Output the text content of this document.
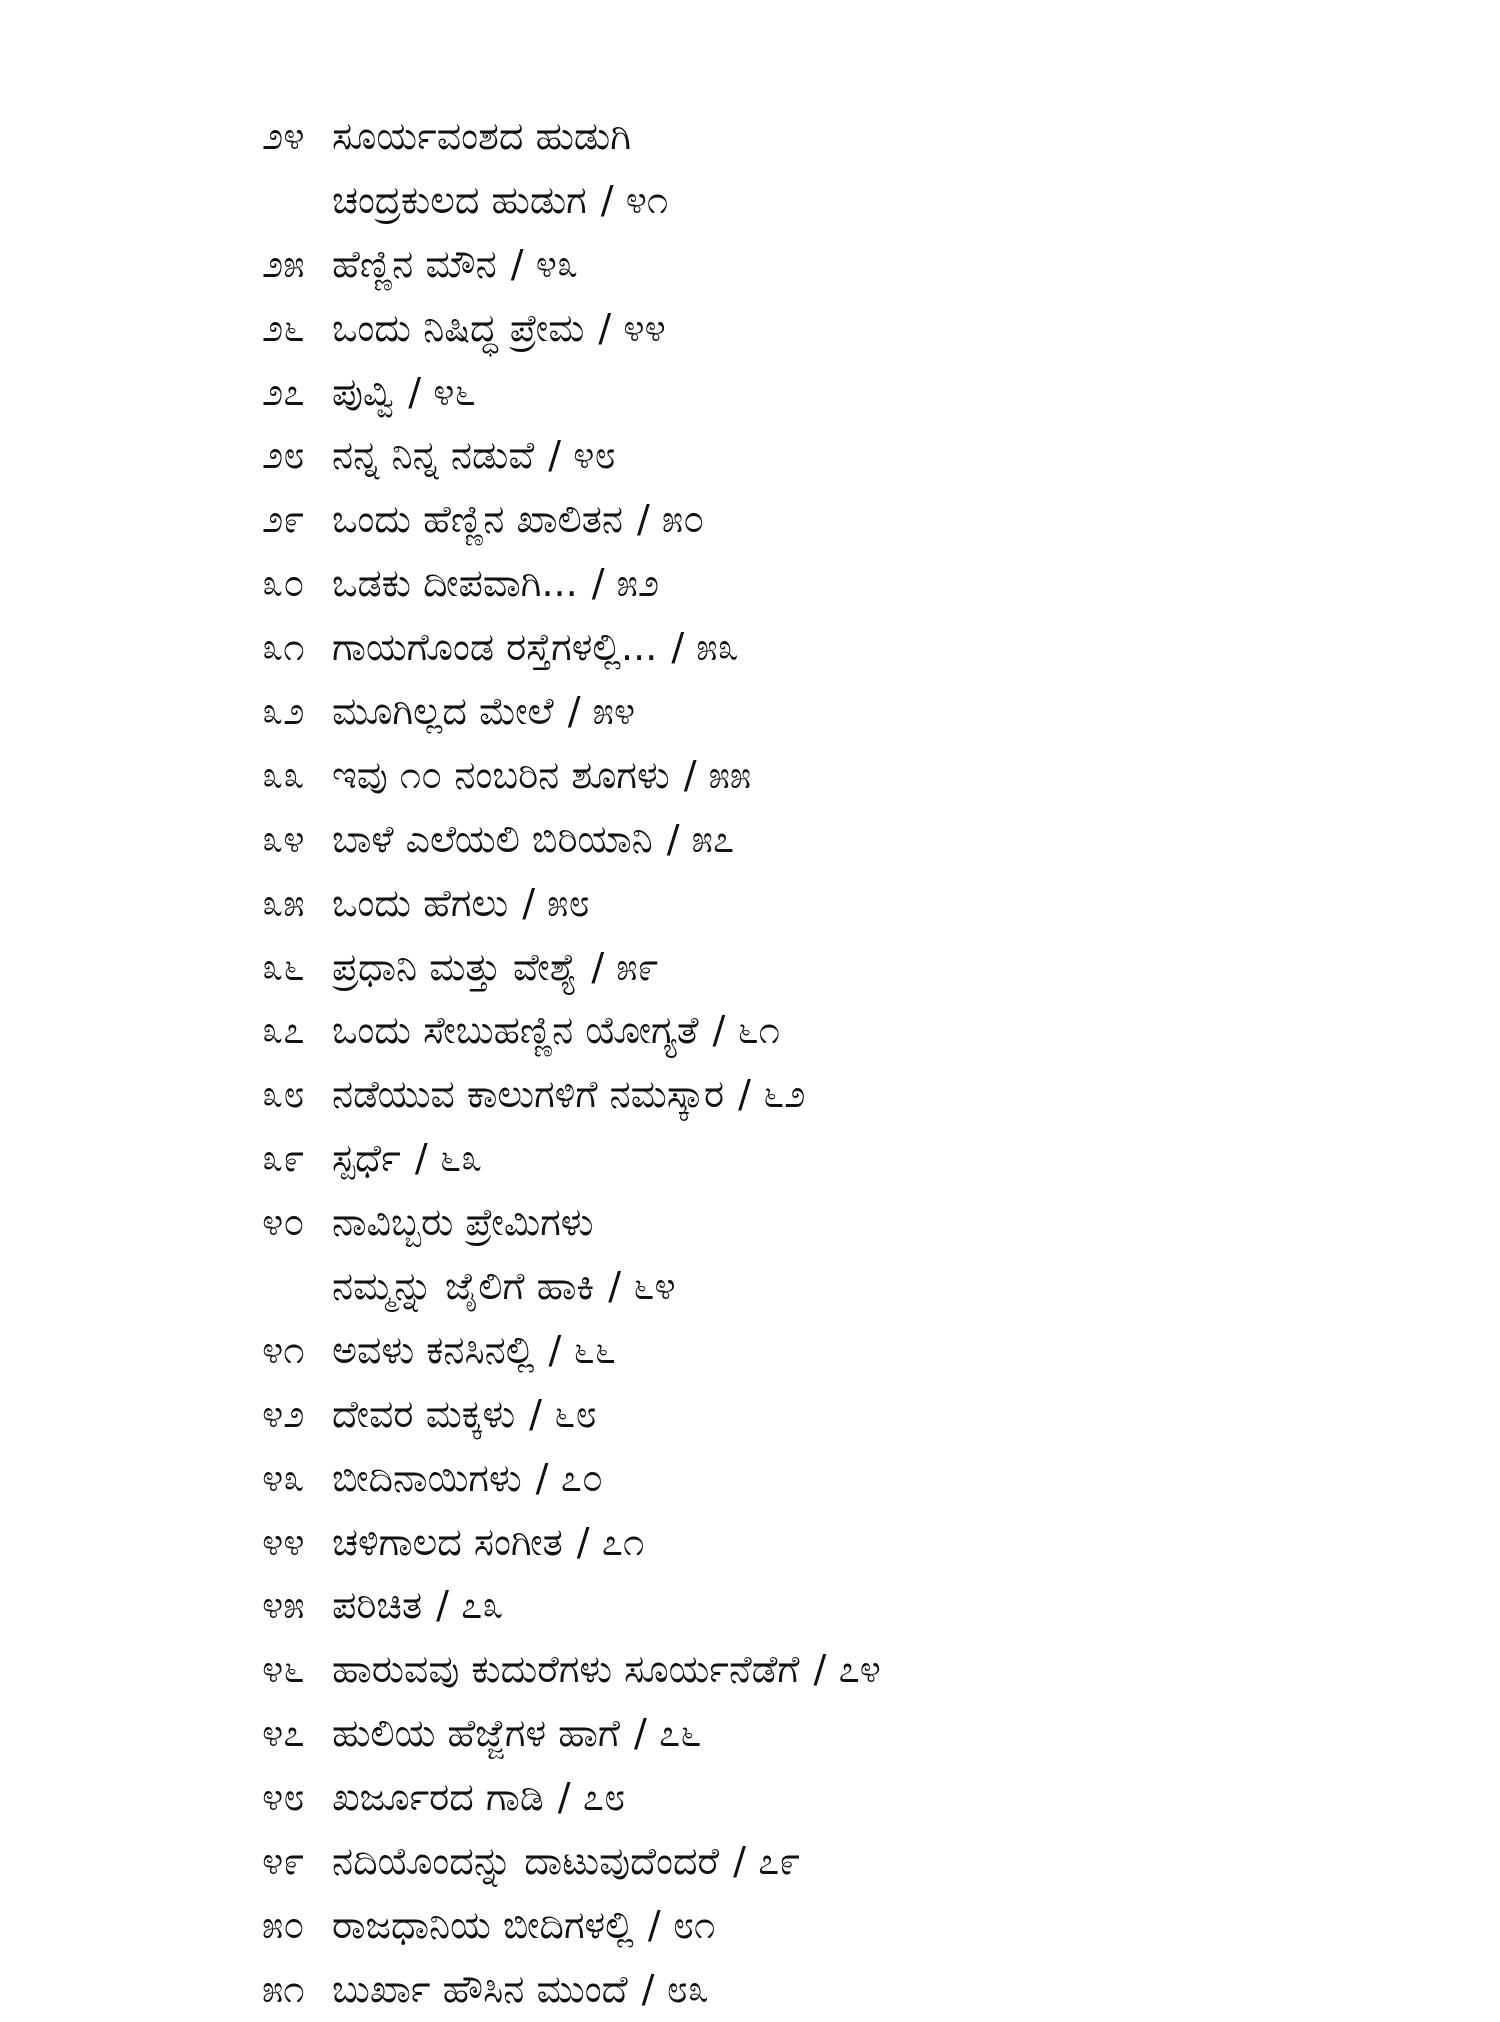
೨೪ ಸೂರ್ಯವಂಶದ ಹುಡುಗಿ
ಚಂದ್ರಕುಲದ ಹುಡುಗ	/ ೪೧
೨೫ ಹೆಣ್ಣಿನ ಮೌನ	/ ೪೩
೨೬ ಒಂದು ನಿಷಿದ್ಧ ಪ್ರೇಮ	/ ೪೪
೨೭ ಪುವ್ವಿ	/ ೪೬
೨೮ ನನ್ನ ನಿನ್ನ ನಡುವೆ	/ ೪೮
೨೯ ಒಂದು ಹೆಣ್ಣಿನ ಖಾಲಿತನ	/ ೫೦
೩೦ ಒಡಕು ದೀಪವಾಗಿ...	/ ೫೨
೩೧ ಗಾಯಗೊಂಡ ರಸ್ತೆಗಳಲ್ಲಿ...	/ ೫೩
೩೨ ಮೂಗಿಲ್ಲದ ಮೇಲೆ	/ ೫೪
೩೩ ಇವು ೧೦ ನಂಬರಿನ ಶೂಗಳು	/ ೫೫
೩೪ ಬಾಳೆ ಎಲೆಯಲಿ ಬಿರಿಯಾನಿ	/ ೫೭
೩೫ ಒಂದು ಹೆಗಲು	/ ೫೮
೩೬ ಪ್ರಧಾನಿ ಮತ್ತು ವೇಶ್ಯೆ	/ ೫೯
೩೭ ಒಂದು ಸೇಬುಹಣ್ಣಿನ ಯೋಗ್ಯತೆ	/ ೬೧
೩೮ ನಡೆಯುವ ಕಾಲುಗಳಿಗೆ ನಮಸ್ಕಾರ	/ ೬೨
೩೯ ಸ್ಪರ್ಧೆ	/ ೬೩
೪೦ ನಾವಿಬ್ಬರು ಪ್ರೇಮಿಗಳು
ನಮ್ಮನ್ನು ಜೈಲಿಗೆ ಹಾಕಿ	/ ೬೪
೪೧ ಅವಳು ಕನಸಿನಲ್ಲಿ	/ ೬೬
೪೨ ದೇವರ ಮಕ್ಕಳು	/ ೬೮
೪೩ ಬೀದಿನಾಯಿಗಳು	/ ೭೦
೪೪ ಚಳಿಗಾಲದ ಸಂಗೀತ	/ ೭೧
೪೫ ಪರಿಚಿತ	/ ೭೩
೪೬ ಹಾರುವವು ಕುದುರೆಗಳು ಸೂರ್ಯನೆಡೆಗೆ	/ ೭೪
೪೭ ಹುಲಿಯ ಹೆಜ್ಜೆಗಳ ಹಾಗೆ	/ ೭೬
೪೮ ಖರ್ಜೂರದ ಗಾಡಿ	/ ೭೮
೪೯ ನದಿಯೊಂದನ್ನು ದಾಟುವುದೆಂದರೆ	/ ೭೯
೫೦ ರಾಜಧಾನಿಯ ಬೀದಿಗಳಲ್ಲಿ	/ ೮೧
೫೧ ಬುರ್ಖಾ ಹೌಸಿನ ಮುಂದೆ	/ ೮೩
